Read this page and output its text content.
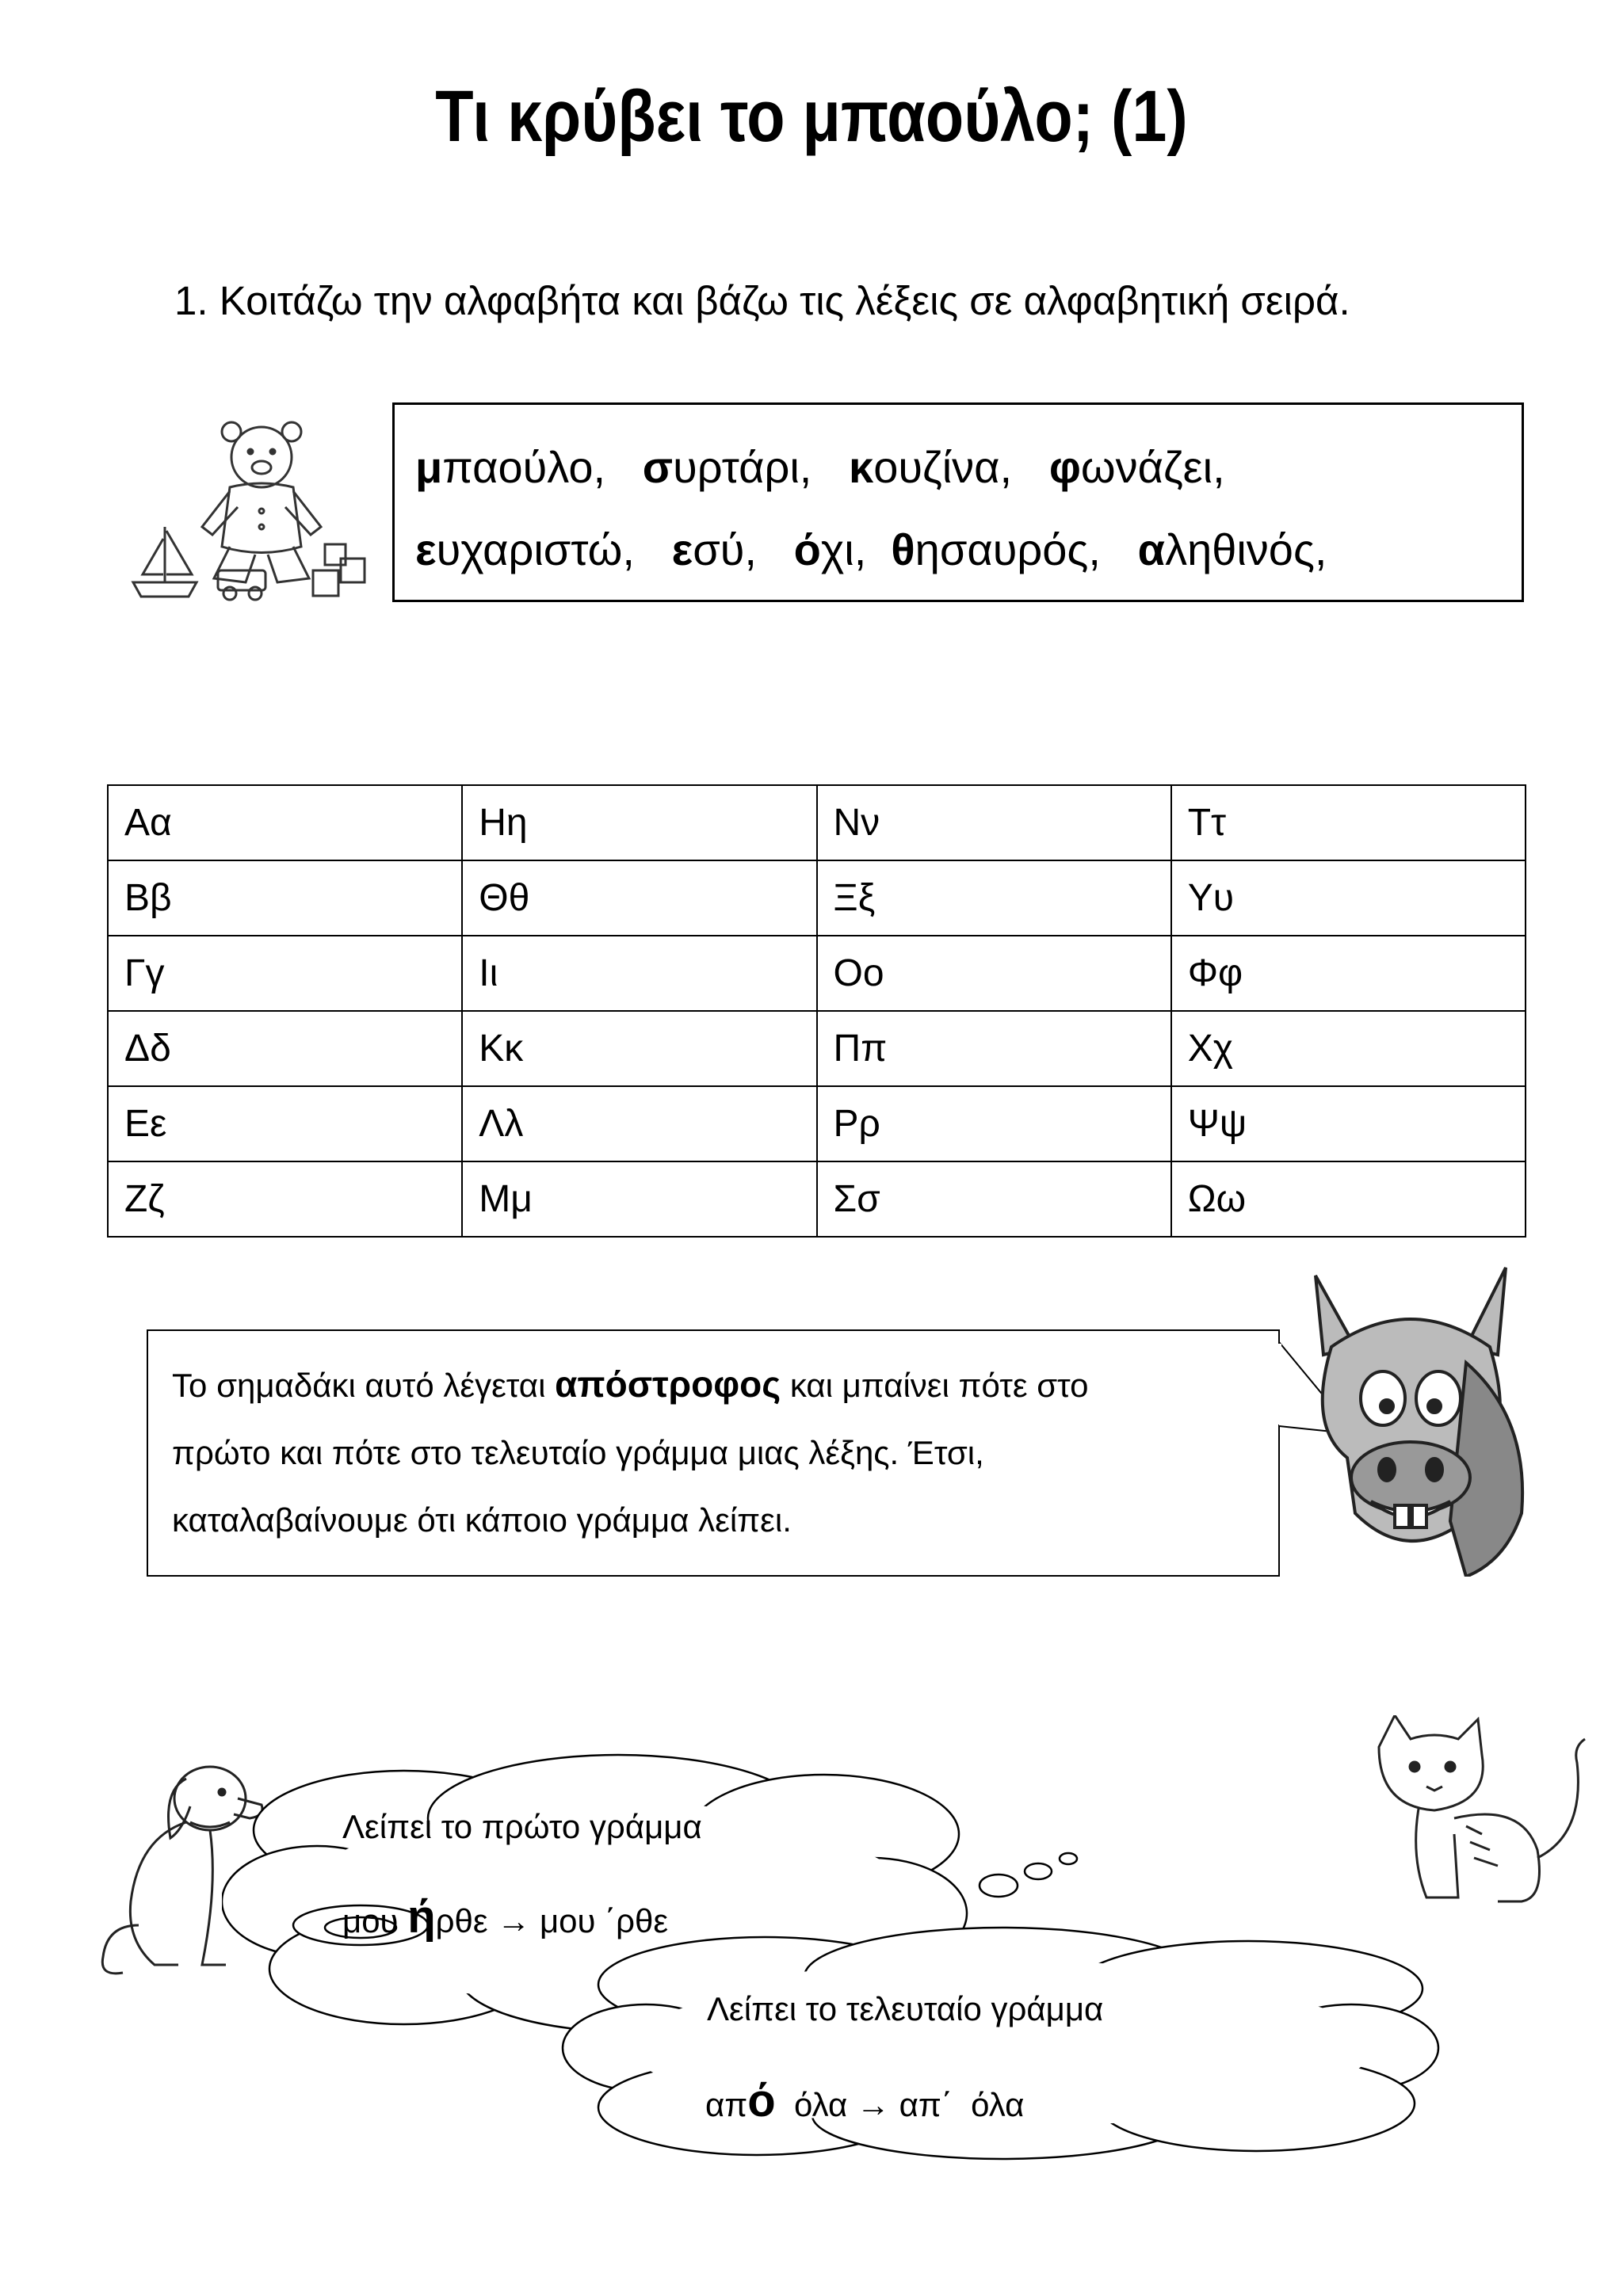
Τι κρύβει το μπαούλο; (1)
1. Κοιτάζω την αλφαβήτα και βάζω τις λέξεις σε αλφαβητική σειρά.
μπαούλο, συρτάρι, κουζίνα, φωνάζει,
ευχαριστώ, εσύ, όχι, θησαυρός, αληθινός,
Αα	Ηη	Νν	Ττ
Ββ	Θθ	Ξξ	Υυ
Γγ	Ιι	Οο	Φφ
Δδ	Κκ	Ππ	Χχ
Εε	Λλ	Ρρ	Ψψ
Ζζ	Μμ	Σσ	Ωω
Το σημαδάκι αυτό λέγεται απόστροφος και μπαίνει πότε στο
πρώτο και πότε στο τελευταίο γράμμα μιας λέξης. Έτσι,
καταλαβαίνουμε ότι κάποιο γράμμα λείπει.
Λείπει το πρώτο γράμμα
μου ήρθε → μου ΄ρθε
Λείπει το τελευταίο γράμμα
από  όλα → απ΄  όλα
